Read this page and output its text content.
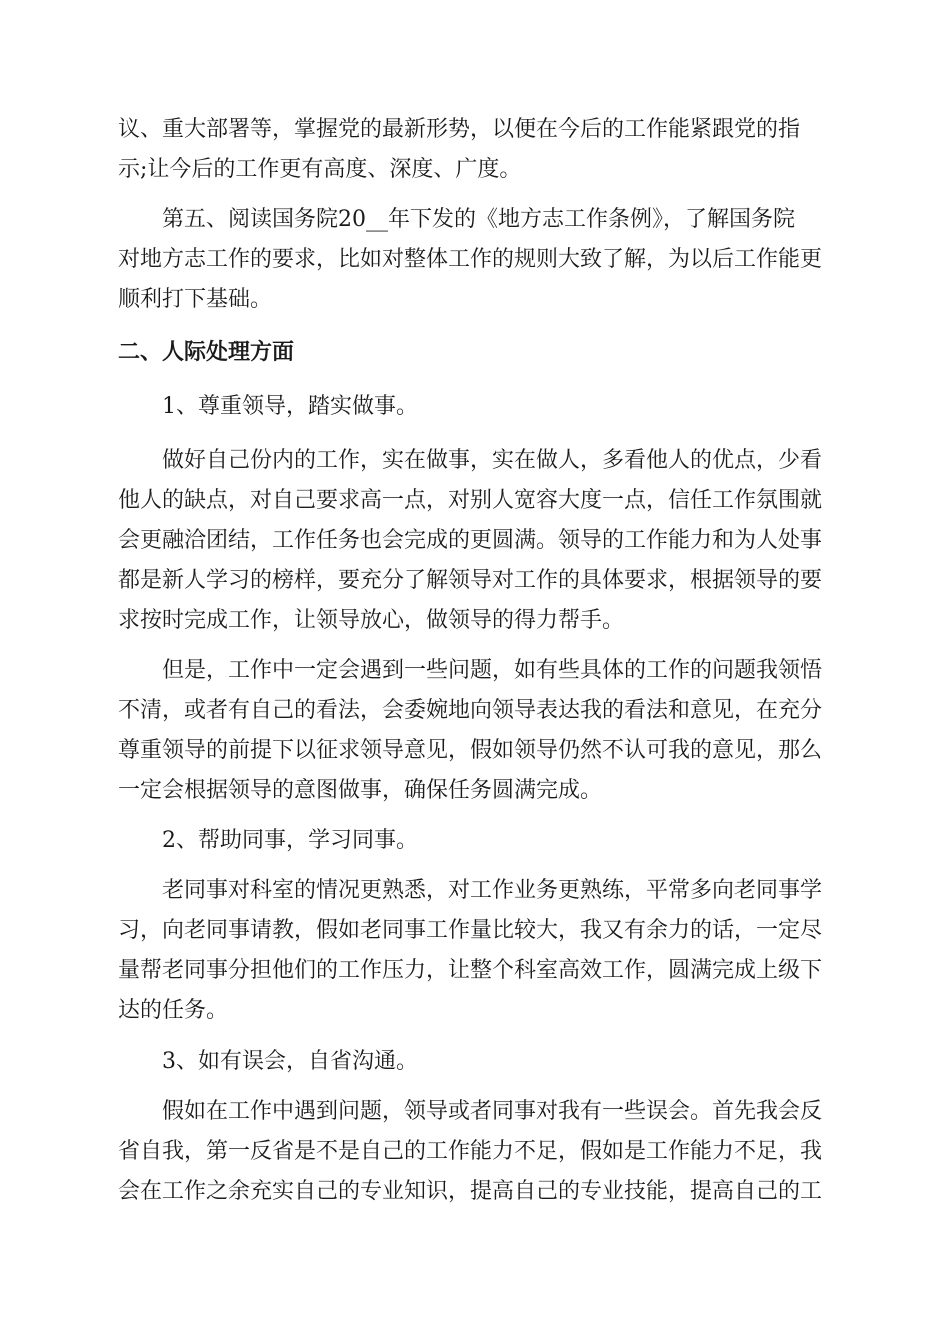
议、重大部署等，掌握党的最新形势，以便在今后的工作能紧跟党的指

示;让今后的工作更有高度、深度、广度。

第五、阅读国务院20__年下发的《地方志工作条例》，了解国务院

对地方志工作的要求，比如对整体工作的规则大致了解，为以后工作能更

顺利打下基础。

二、人际处理方面

1、尊重领导，踏实做事。

做好自己份内的工作，实在做事，实在做人，多看他人的优点，少看

他人的缺点，对自己要求高一点，对别人宽容大度一点，信任工作氛围就

会更融洽团结，工作任务也会完成的更圆满。领导的工作能力和为人处事

都是新人学习的榜样，要充分了解领导对工作的具体要求，根据领导的要

求按时完成工作，让领导放心，做领导的得力帮手。

但是，工作中一定会遇到一些问题，如有些具体的工作的问题我领悟

不清，或者有自己的看法，会委婉地向领导表达我的看法和意见，在充分

尊重领导的前提下以征求领导意见，假如领导仍然不认可我的意见，那么

一定会根据领导的意图做事，确保任务圆满完成。

2、帮助同事，学习同事。

老同事对科室的情况更熟悉，对工作业务更熟练，平常多向老同事学

习，向老同事请教，假如老同事工作量比较大，我又有余力的话，一定尽

量帮老同事分担他们的工作压力，让整个科室高效工作，圆满完成上级下

达的任务。

3、如有误会，自省沟通。

假如在工作中遇到问题，领导或者同事对我有一些误会。首先我会反

省自我，第一反省是不是自己的工作能力不足，假如是工作能力不足，我

会在工作之余充实自己的专业知识，提高自己的专业技能，提高自己的工
